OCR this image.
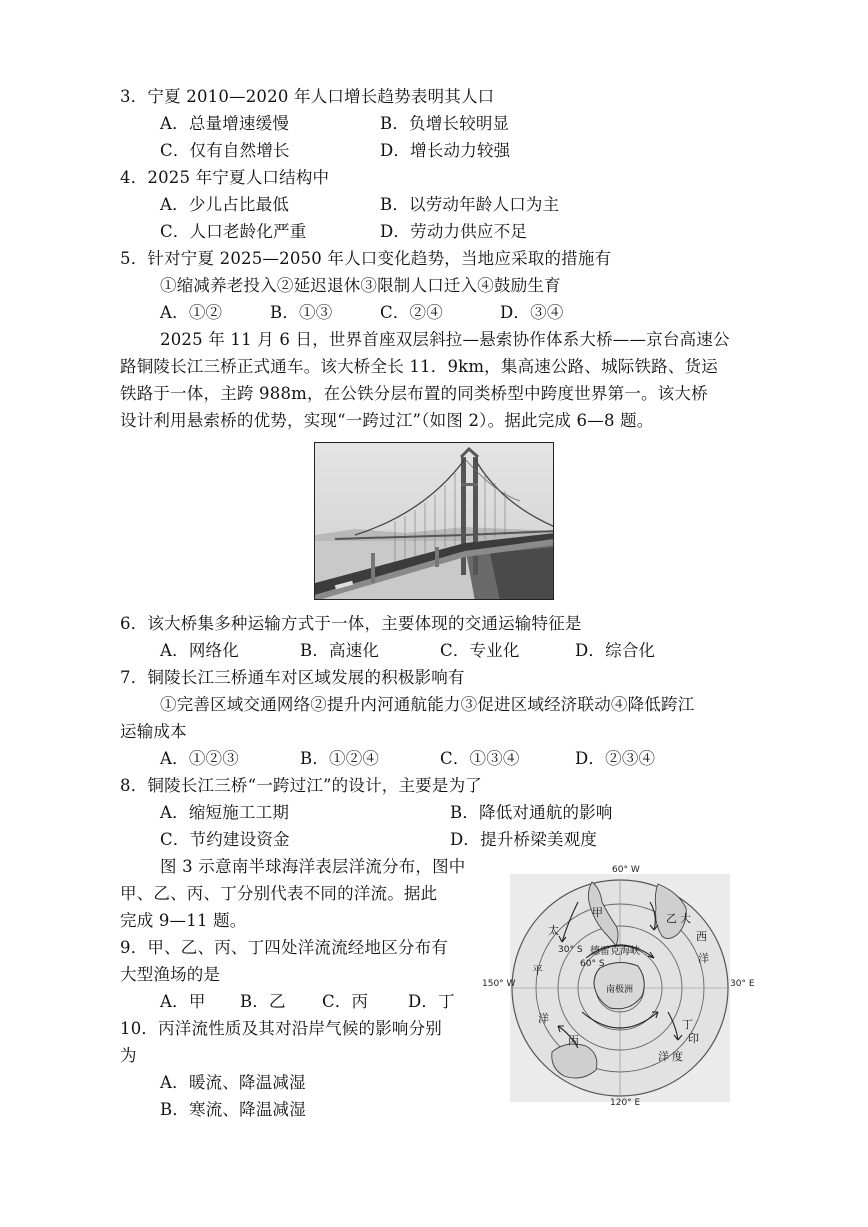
3．宁夏 2010—2020 年人口增长趋势表明其人口
A．总量增速缓慢	B．负增长较明显
C．仅有自然增长	D．增长动力较强
4．2025 年宁夏人口结构中
A．少儿占比最低	B．以劳动年龄人口为主
C．人口老龄化严重	D．劳动力供应不足
5．针对宁夏 2025—2050 年人口变化趋势，当地应采取的措施有
①缩减养老投入②延迟退休③限制人口迁入④鼓励生育
A．①②	B．①③	C．②④	D．③④
2025 年 11 月 6 日，世界首座双层斜拉—悬索协作体系大桥——京台高速公
路铜陵长江三桥正式通车。该大桥全长 11．9km，集高速公路、城际铁路、货运
铁路于一体，主跨 988m，在公铁分层布置的同类桥型中跨度世界第一。该大桥
设计利用悬索桥的优势，实现“一跨过江”（如图 2）。据此完成 6—8 题。
6．该大桥集多种运输方式于一体，主要体现的交通运输特征是
A．网络化	B．高速化	C．专业化	D．综合化
7．铜陵长江三桥通车对区域发展的积极影响有
①完善区域交通网络②提升内河通航能力③促进区域经济联动④降低跨江
运输成本
A．①②③	B．①②④	C．①③④	D．②③④
8．铜陵长江三桥“一跨过江”的设计，主要是为了
A．缩短施工工期	B．降低对通航的影响
C．节约建设资金	D．提升桥梁美观度
图 3 示意南半球海洋表层洋流分布，图中
甲、乙、丙、丁分别代表不同的洋流。据此
完成 9—11 题。
9．甲、乙、丙、丁四处洋流流经地区分布有
大型渔场的是
A．甲 B．乙 C．丙 D．丁
10．丙洋流性质及其对沿岸气候的影响分别
为
A．暖流、降温减湿
B．寒流、降温减湿
60° W
150° W	30° E
120° E
30° S
60° S
德雷克海峡
南极洲
甲	乙
丙
丁
太
平
洋
大
西
洋
印
度
洋
